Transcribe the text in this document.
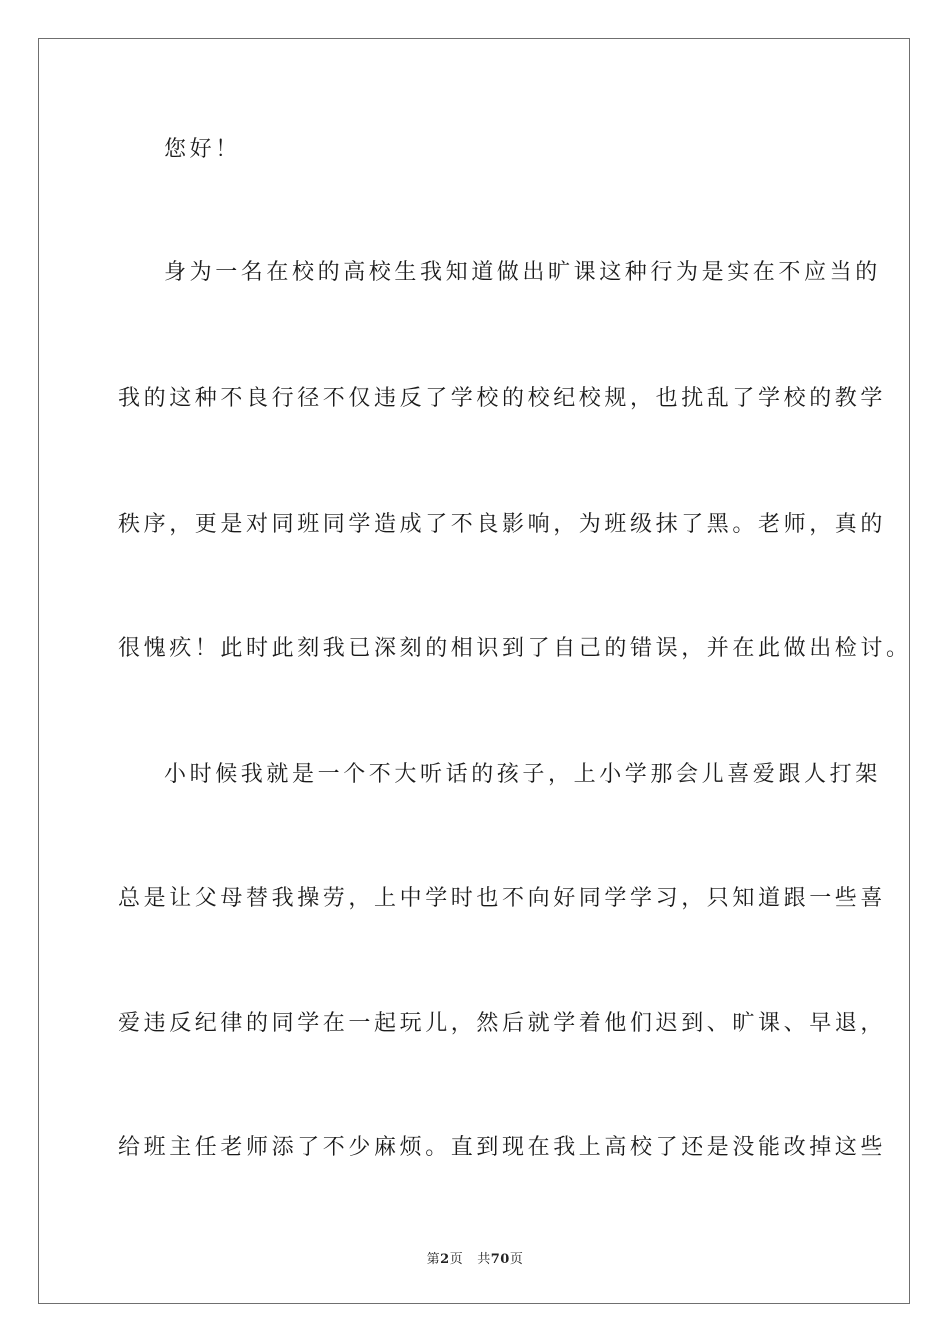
您好！
身为一名在校的高校生我知道做出旷课这种行为是实在不应当的
我的这种不良行径不仅违反了学校的校纪校规，也扰乱了学校的教学
秩序，更是对同班同学造成了不良影响，为班级抹了黑。老师，真的
很愧疚！此时此刻我已深刻的相识到了自己的错误，并在此做出检讨。
小时候我就是一个不大听话的孩子，上小学那会儿喜爱跟人打架
总是让父母替我操劳，上中学时也不向好同学学习，只知道跟一些喜
爱违反纪律的同学在一起玩儿，然后就学着他们迟到、旷课、早退，
给班主任老师添了不少麻烦。直到现在我上高校了还是没能改掉这些
第2页 共70页
